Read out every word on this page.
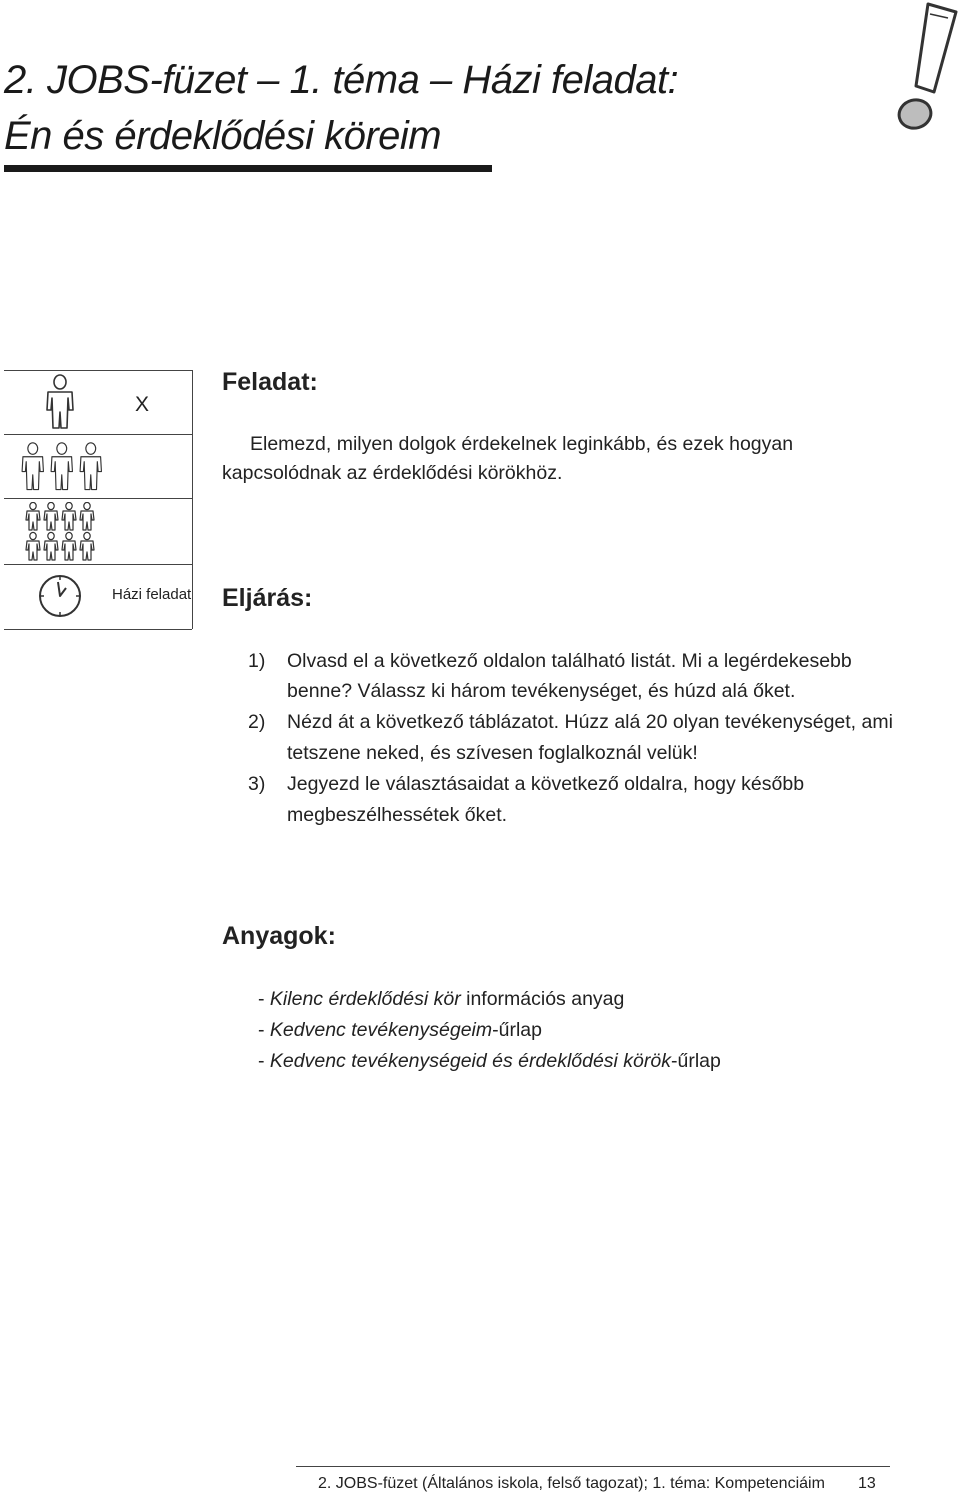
2. JOBS-füzet – 1. téma – Házi feladat:
Én és érdeklődési köreim
X
Házi feladat
Feladat:
Elemezd, milyen dolgok érdekelnek leginkább, és ezek hogyan
kapcsolódnak az érdeklődési körökhöz.
Eljárás:
1) Olvasd el a következő oldalon található listát. Mi a legérdekesebb
benne? Válassz ki három tevékenységet, és húzd alá őket.
2) Nézd át a következő táblázatot. Húzz alá 20 olyan tevékenységet, ami
tetszene neked, és szívesen foglalkoznál velük!
3) Jegyezd le választásaidat a következő oldalra, hogy később
megbeszélhessétek őket.
Anyagok:
- Kilenc érdeklődési kör információs anyag
- Kedvenc tevékenységeim-űrlap
- Kedvenc tevékenységeid és érdeklődési körök-űrlap
2. JOBS-füzet (Általános iskola, felső tagozat); 1. téma: Kompetenciáim 13
